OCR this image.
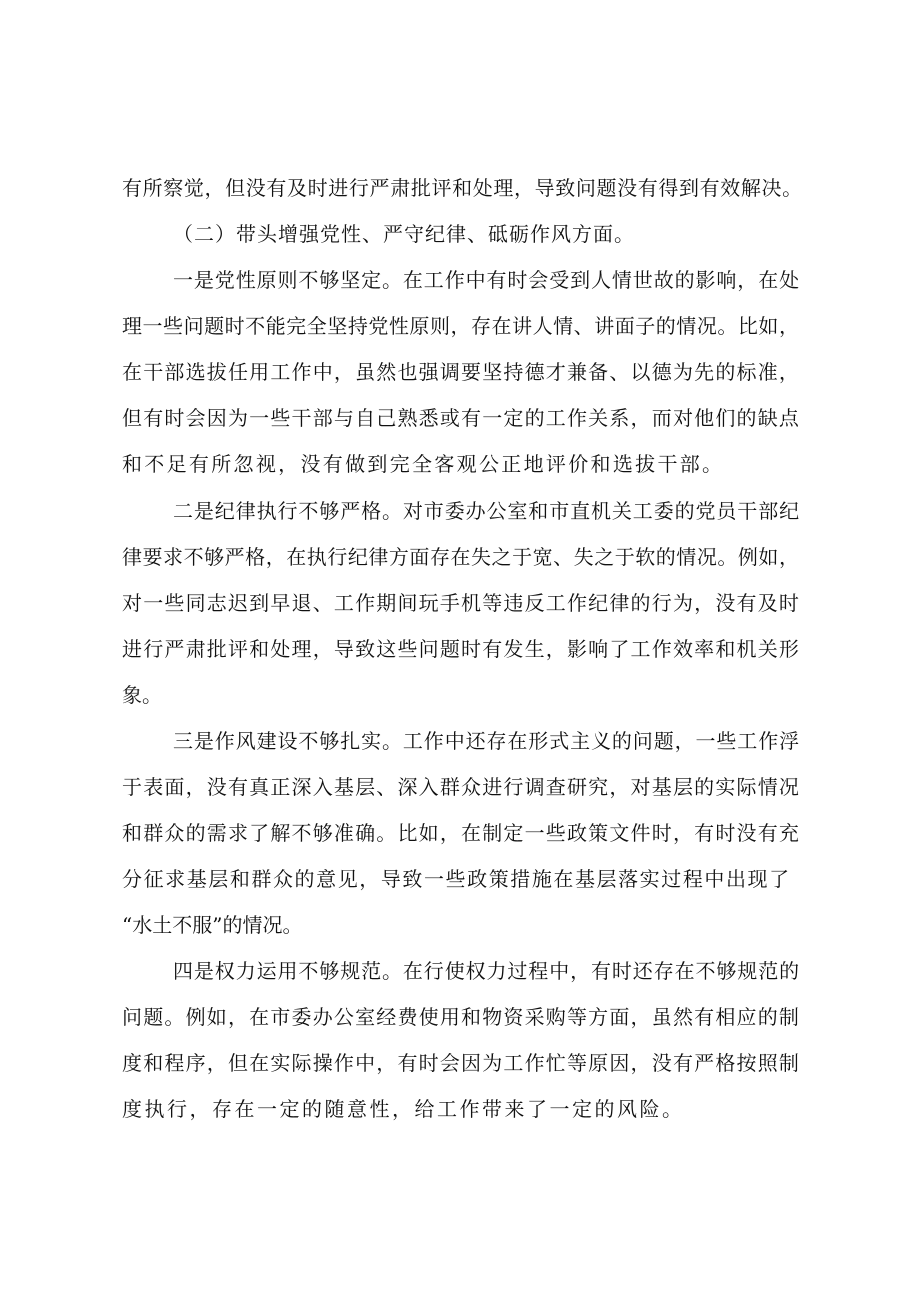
有所察觉，但没有及时进行严肃批评和处理，导致问题没有得到有效解决。

（二）带头增强党性、严守纪律、砥砺作风方面。

一是党性原则不够坚定。在工作中有时会受到人情世故的影响，在处

理一些问题时不能完全坚持党性原则，存在讲人情、讲面子的情况。比如，

在干部选拔任用工作中，虽然也强调要坚持德才兼备、以德为先的标准，

但有时会因为一些干部与自己熟悉或有一定的工作关系，而对他们的缺点

和不足有所忽视，没有做到完全客观公正地评价和选拔干部。

二是纪律执行不够严格。对市委办公室和市直机关工委的党员干部纪

律要求不够严格，在执行纪律方面存在失之于宽、失之于软的情况。例如，

对一些同志迟到早退、工作期间玩手机等违反工作纪律的行为，没有及时

进行严肃批评和处理，导致这些问题时有发生，影响了工作效率和机关形

象。

三是作风建设不够扎实。工作中还存在形式主义的问题，一些工作浮

于表面，没有真正深入基层、深入群众进行调查研究，对基层的实际情况

和群众的需求了解不够准确。比如，在制定一些政策文件时，有时没有充

分征求基层和群众的意见，导致一些政策措施在基层落实过程中出现了

“水土不服”的情况。

四是权力运用不够规范。在行使权力过程中，有时还存在不够规范的

问题。例如，在市委办公室经费使用和物资采购等方面，虽然有相应的制

度和程序，但在实际操作中，有时会因为工作忙等原因，没有严格按照制

度执行，存在一定的随意性，给工作带来了一定的风险。
